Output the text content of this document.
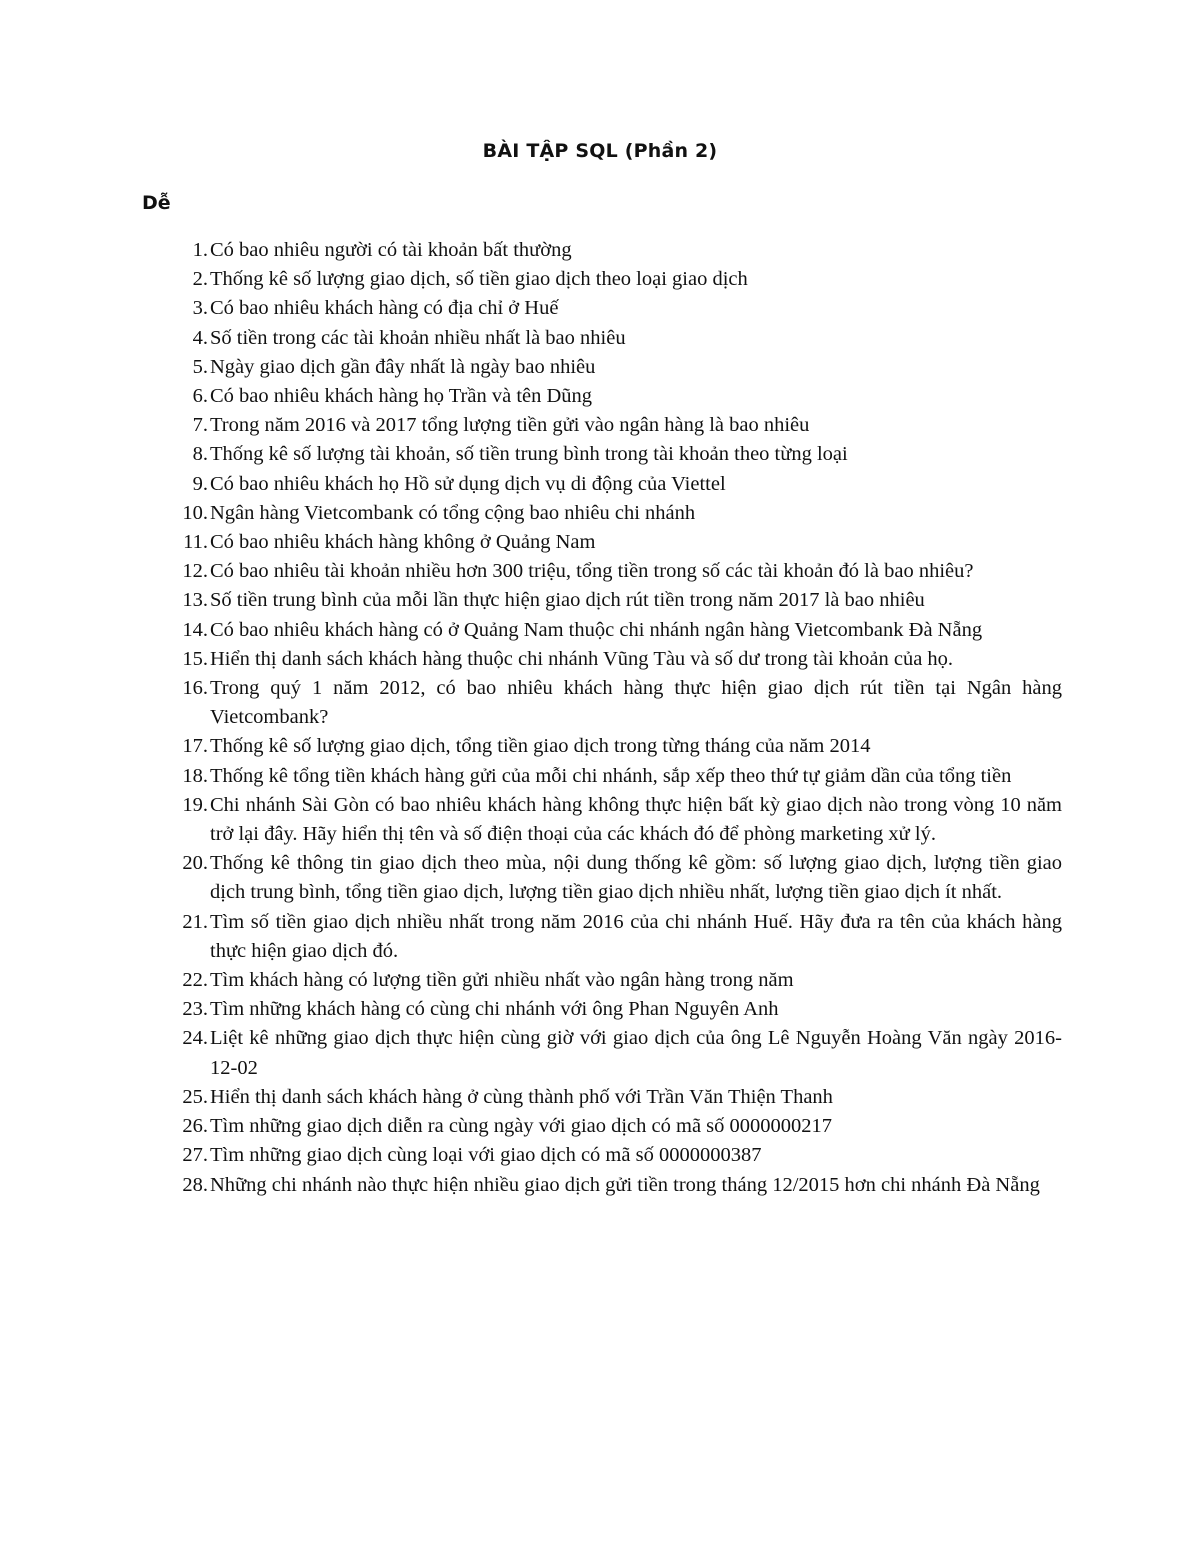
BÀI TẬP SQL (Phần 2)
Dễ
1. Có bao nhiêu người có tài khoản bất thường
2. Thống kê số lượng giao dịch, số tiền giao dịch theo loại giao dịch
3. Có bao nhiêu khách hàng có địa chỉ ở Huế
4. Số tiền trong các tài khoản nhiều nhất là bao nhiêu
5. Ngày giao dịch gần đây nhất là ngày bao nhiêu
6. Có bao nhiêu khách hàng họ Trần và tên Dũng
7. Trong năm 2016 và 2017 tổng lượng tiền gửi vào ngân hàng là bao nhiêu
8. Thống kê số lượng tài khoản, số tiền trung bình trong tài khoản theo từng loại
9. Có bao nhiêu khách họ Hồ sử dụng dịch vụ di động của Viettel
10. Ngân hàng Vietcombank có tổng cộng bao nhiêu chi nhánh
11. Có bao nhiêu khách hàng không ở Quảng Nam
12. Có bao nhiêu tài khoản nhiều hơn 300 triệu, tổng tiền trong số các tài khoản đó là bao nhiêu?
13. Số tiền trung bình của mỗi lần thực hiện giao dịch rút tiền trong năm 2017 là bao nhiêu
14. Có bao nhiêu khách hàng có ở Quảng Nam thuộc chi nhánh ngân hàng Vietcombank Đà Nẵng
15. Hiển thị danh sách khách hàng thuộc chi nhánh Vũng Tàu và số dư trong tài khoản của họ.
16. Trong quý 1 năm 2012, có bao nhiêu khách hàng thực hiện giao dịch rút tiền tại Ngân hàng Vietcombank?
17. Thống kê số lượng giao dịch, tổng tiền giao dịch trong từng tháng của năm 2014
18. Thống kê tổng tiền khách hàng gửi của mỗi chi nhánh, sắp xếp theo thứ tự giảm dần của tổng tiền
19. Chi nhánh Sài Gòn có bao nhiêu khách hàng không thực hiện bất kỳ giao dịch nào trong vòng 10 năm trở lại đây. Hãy hiển thị tên và số điện thoại của các khách đó để phòng marketing xử lý.
20. Thống kê thông tin giao dịch theo mùa, nội dung thống kê gồm: số lượng giao dịch, lượng tiền giao dịch trung bình, tổng tiền giao dịch, lượng tiền giao dịch nhiều nhất, lượng tiền giao dịch ít nhất.
21. Tìm số tiền giao dịch nhiều nhất trong năm 2016 của chi nhánh Huế. Hãy đưa ra tên của khách hàng thực hiện giao dịch đó.
22. Tìm khách hàng có lượng tiền gửi nhiều nhất vào ngân hàng trong năm
23. Tìm những khách hàng có cùng chi nhánh với ông Phan Nguyên Anh
24. Liệt kê những giao dịch thực hiện cùng giờ với giao dịch của ông Lê Nguyễn Hoàng Văn ngày 2016-12-02
25. Hiển thị danh sách khách hàng ở cùng thành phố với Trần Văn Thiện Thanh
26. Tìm những giao dịch diễn ra cùng ngày với giao dịch có mã số 0000000217
27. Tìm những giao dịch cùng loại với giao dịch có mã số 0000000387
28. Những chi nhánh nào thực hiện nhiều giao dịch gửi tiền trong tháng 12/2015 hơn chi nhánh Đà Nẵng
